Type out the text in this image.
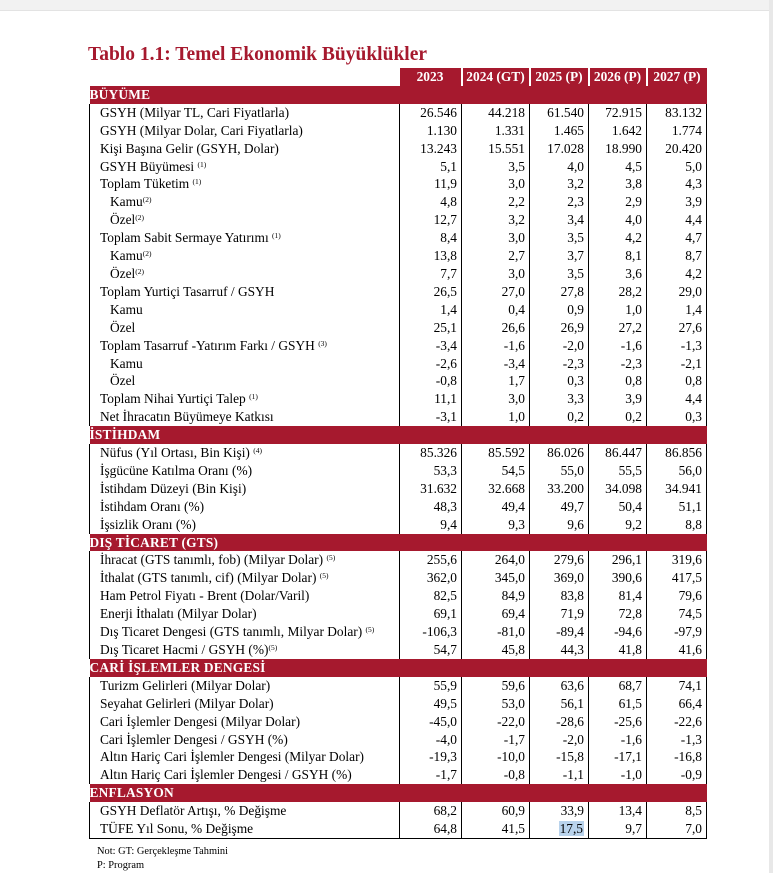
Tablo 1.1: Temel Ekonomik Büyüklükler
	2023	2024 (GT)	2025 (P)	2026 (P)	2027 (P)
BÜYÜME					
GSYH (Milyar TL, Cari Fiyatlarla)	26.546	44.218	61.540	72.915	83.132
GSYH (Milyar Dolar, Cari Fiyatlarla)	1.130	1.331	1.465	1.642	1.774
Kişi Başına Gelir (GSYH, Dolar)	13.243	15.551	17.028	18.990	20.420
GSYH Büyümesi $^{(1)}$	5,1	3,5	4,0	4,5	5,0
Toplam Tüketim $^{(1)}$	11,9	3,0	3,2	3,8	4,3
Kamu$^{(2)}$	4,8	2,2	2,3	2,9	3,9
Özel$^{(2)}$	12,7	3,2	3,4	4,0	4,4
Toplam Sabit Sermaye Yatırımı $^{(1)}$	8,4	3,0	3,5	4,2	4,7
Kamu$^{(2)}$	13,8	2,7	3,7	8,1	8,7
Özel$^{(2)}$	7,7	3,0	3,5	3,6	4,2
Toplam Yurtiçi Tasarruf / GSYH	26,5	27,0	27,8	28,2	29,0
Kamu	1,4	0,4	0,9	1,0	1,4
Özel	25,1	26,6	26,9	27,2	27,6
Toplam Tasarruf -Yatırım Farkı / GSYH $^{(3)}$	-3,4	-1,6	-2,0	-1,6	-1,3
Kamu	-2,6	-3,4	-2,3	-2,3	-2,1
Özel	-0,8	1,7	0,3	0,8	0,8
Toplam Nihai Yurtiçi Talep $^{(1)}$	11,1	3,0	3,3	3,9	4,4
Net İhracatın Büyümeye Katkısı	-3,1	1,0	0,2	0,2	0,3
İSTİHDAM					
Nüfus (Yıl Ortası, Bin Kişi) $^{(4)}$	85.326	85.592	86.026	86.447	86.856
İşgücüne Katılma Oranı (%)	53,3	54,5	55,0	55,5	56,0
İstihdam Düzeyi (Bin Kişi)	31.632	32.668	33.200	34.098	34.941
İstihdam Oranı (%)	48,3	49,4	49,7	50,4	51,1
İşsizlik Oranı (%)	9,4	9,3	9,6	9,2	8,8
DIŞ TİCARET (GTS)					
İhracat (GTS tanımlı, fob) (Milyar Dolar) $^{(5)}$	255,6	264,0	279,6	296,1	319,6
İthalat (GTS tanımlı, cif) (Milyar Dolar) $^{(5)}$	362,0	345,0	369,0	390,6	417,5
Ham Petrol Fiyatı - Brent (Dolar/Varil)	82,5	84,9	83,8	81,4	79,6
Enerji İthalatı (Milyar Dolar)	69,1	69,4	71,9	72,8	74,5
Dış Ticaret Dengesi (GTS tanımlı, Milyar Dolar) $^{(5)}$	-106,3	-81,0	-89,4	-94,6	-97,9
Dış Ticaret Hacmi / GSYH (%)$^{(5)}$	54,7	45,8	44,3	41,8	41,6
CARİ İŞLEMLER DENGESİ					
Turizm Gelirleri (Milyar Dolar)	55,9	59,6	63,6	68,7	74,1
Seyahat Gelirleri (Milyar Dolar)	49,5	53,0	56,1	61,5	66,4
Cari İşlemler Dengesi (Milyar Dolar)	-45,0	-22,0	-28,6	-25,6	-22,6
Cari İşlemler Dengesi / GSYH (%)	-4,0	-1,7	-2,0	-1,6	-1,3
Altın Hariç Cari İşlemler Dengesi (Milyar Dolar)	-19,3	-10,0	-15,8	-17,1	-16,8
Altın Hariç Cari İşlemler Dengesi / GSYH (%)	-1,7	-0,8	-1,1	-1,0	-0,9
ENFLASYON					
GSYH Deflatör Artışı, % Değişme	68,2	60,9	33,9	13,4	8,5
TÜFE Yıl Sonu, % Değişme	64,8	41,5	17,5	9,7	7,0
Not: GT: Gerçekleşme Tahmini
P: Program
